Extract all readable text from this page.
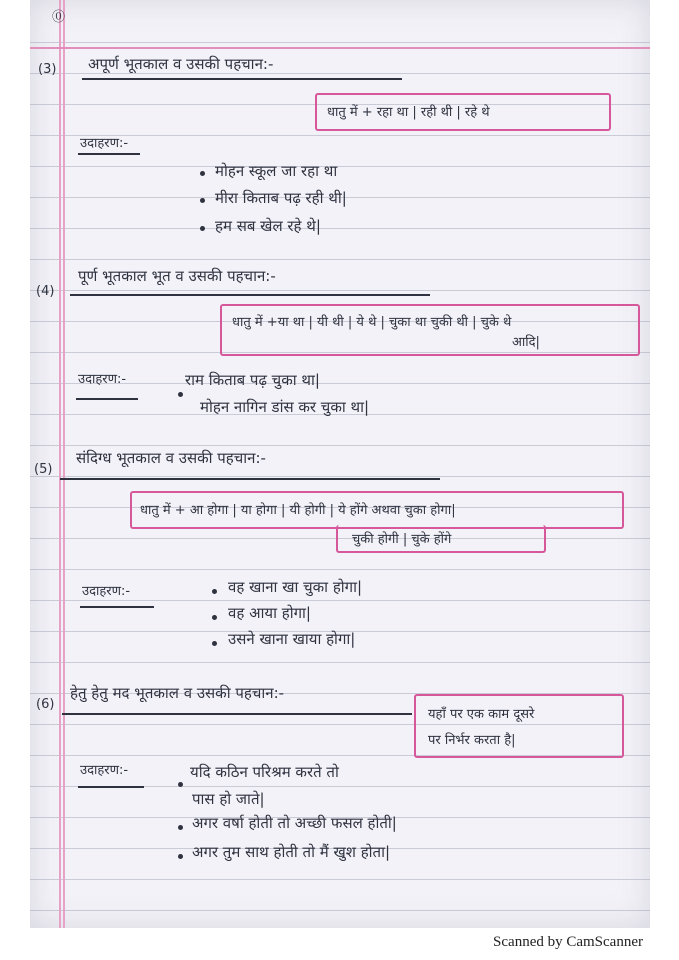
⓪
(3) अपूर्ण भूतकाल व उसकी पहचान:-
धातु में + रहा था | रही थी | रहे थे
उदाहरण:-
मोहन स्कूल जा रहा था
मीरा किताब पढ़ रही थी|
हम सब खेल रहे थे|
(4)
पूर्ण भूतकाल भूत व उसकी पहचान:-
धातु में +या था | यी थी | ये थे | चुका था चुकी थी | चुके थे
आदि|
उदाहरण:-	राम किताब पढ़ चुका था|
मोहन नागिन डांस कर चुका था|
(5)
संदिग्ध भूतकाल व उसकी पहचान:-
धातु में + आ होगा | या होगा | यी होगी | ये होंगे अथवा चुका होगा|
चुकी होगी | चुके होंगे
उदाहरण:-	वह खाना खा चुका होगा|
वह आया होगा|
उसने खाना खाया होगा|
(6)
हेतु हेतु मद भूतकाल व उसकी पहचान:-
यहाँ पर एक काम दूसरे
पर निर्भर करता है|
उदाहरण:-	यदि कठिन परिश्रम करते तो
पास हो जाते|
अगर वर्षा होती तो अच्छी फसल होती|
अगर तुम साथ होती तो मैं खुश होता|
Scanned by CamScanner
